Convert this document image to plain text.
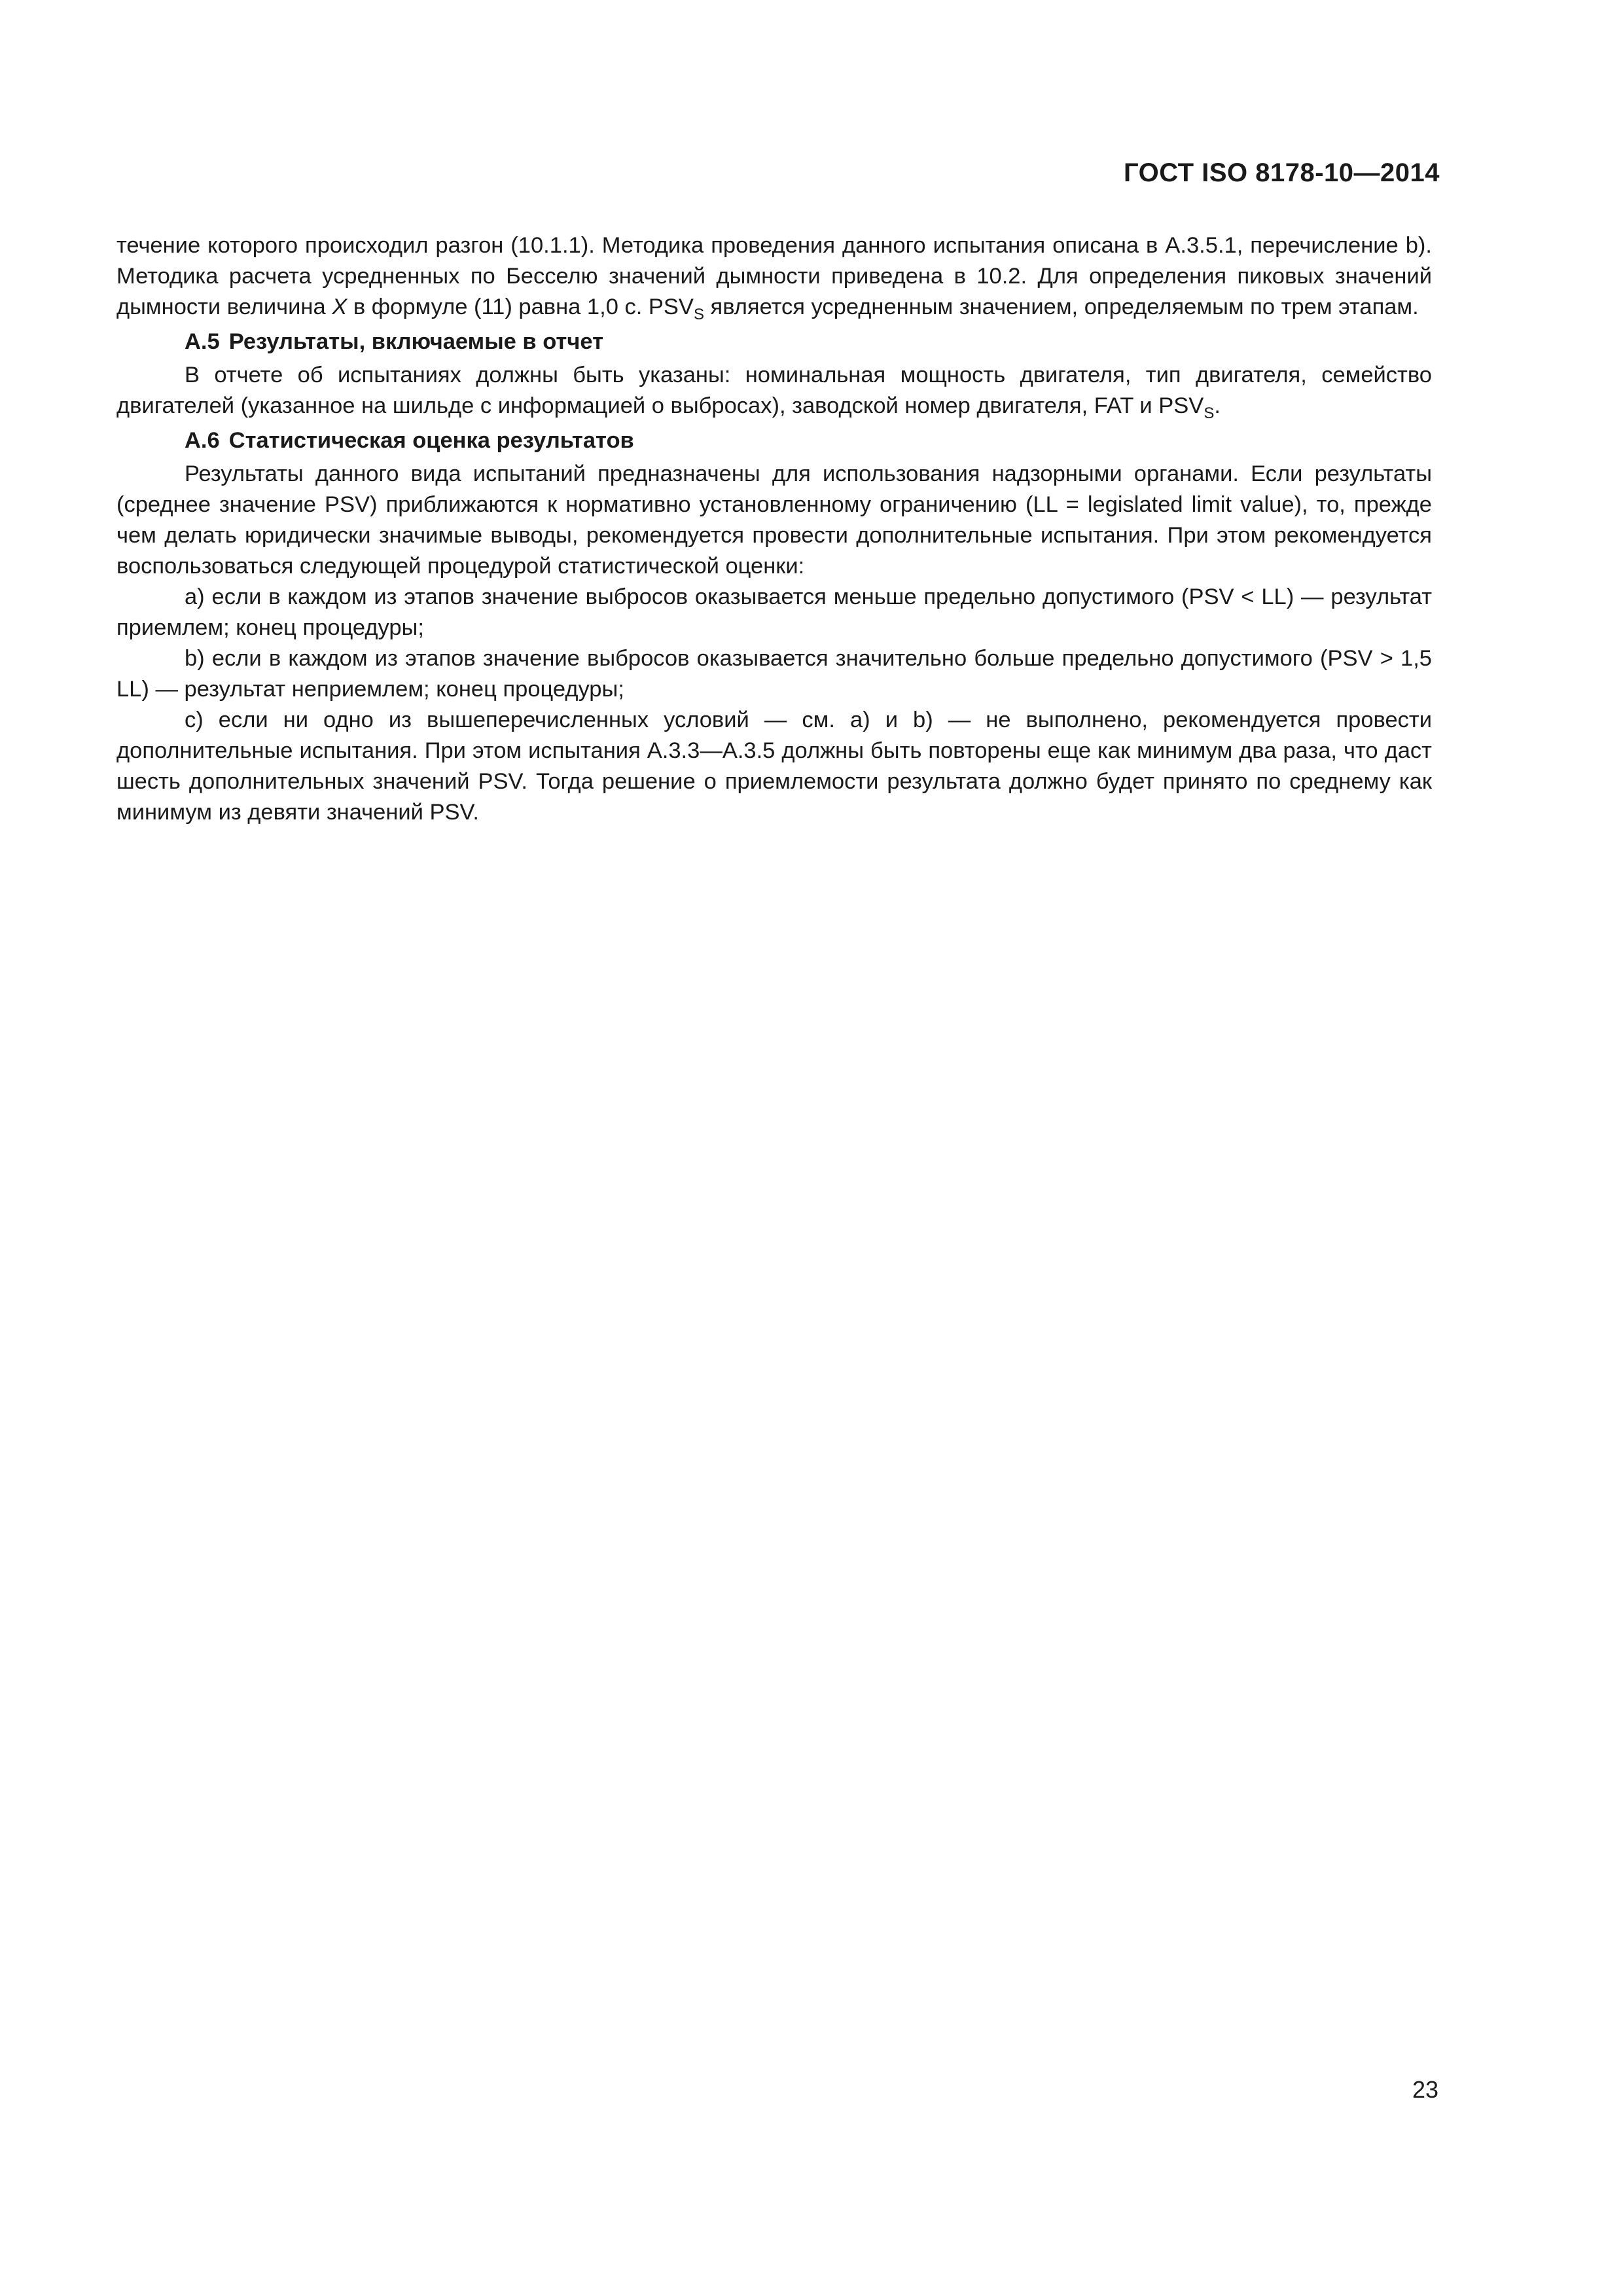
ГОСТ ISO 8178-10—2014

течение которого происходил разгон (10.1.1). Методика проведения данного испытания описана в А.3.5.1, перечисление b). Методика расчета усредненных по Бесселю значений дымности приведена в 10.2. Для определения пиковых значений дымности величина X в формуле (11) равна 1,0 с. $PSV_S$ является усредненным значением, определяемым по трем этапам.

А.5 Результаты, включаемые в отчет

В отчете об испытаниях должны быть указаны: номинальная мощность двигателя, тип двигателя, семейство двигателей (указанное на шильде с информацией о выбросах), заводской номер двигателя, FAT и $PSV_S$.

А.6 Статистическая оценка результатов

Результаты данного вида испытаний предназначены для использования надзорными органами. Если результаты (среднее значение PSV) приближаются к нормативно установленному ограничению (LL = legislated limit value), то, прежде чем делать юридически значимые выводы, рекомендуется провести дополнительные испытания. При этом рекомендуется воспользоваться следующей процедурой статистической оценки:

а) если в каждом из этапов значение выбросов оказывается меньше предельно допустимого (PSV < LL) — результат приемлем; конец процедуры;

b) если в каждом из этапов значение выбросов оказывается значительно больше предельно допустимого (PSV > 1,5 LL) — результат неприемлем; конец процедуры;

с) если ни одно из вышеперечисленных условий — см. а) и b) — не выполнено, рекомендуется провести дополнительные испытания. При этом испытания А.3.3—А.3.5 должны быть повторены еще как минимум два раза, что даст шесть дополнительных значений PSV. Тогда решение о приемлемости результата должно будет принято по среднему как минимум из девяти значений PSV.

23
